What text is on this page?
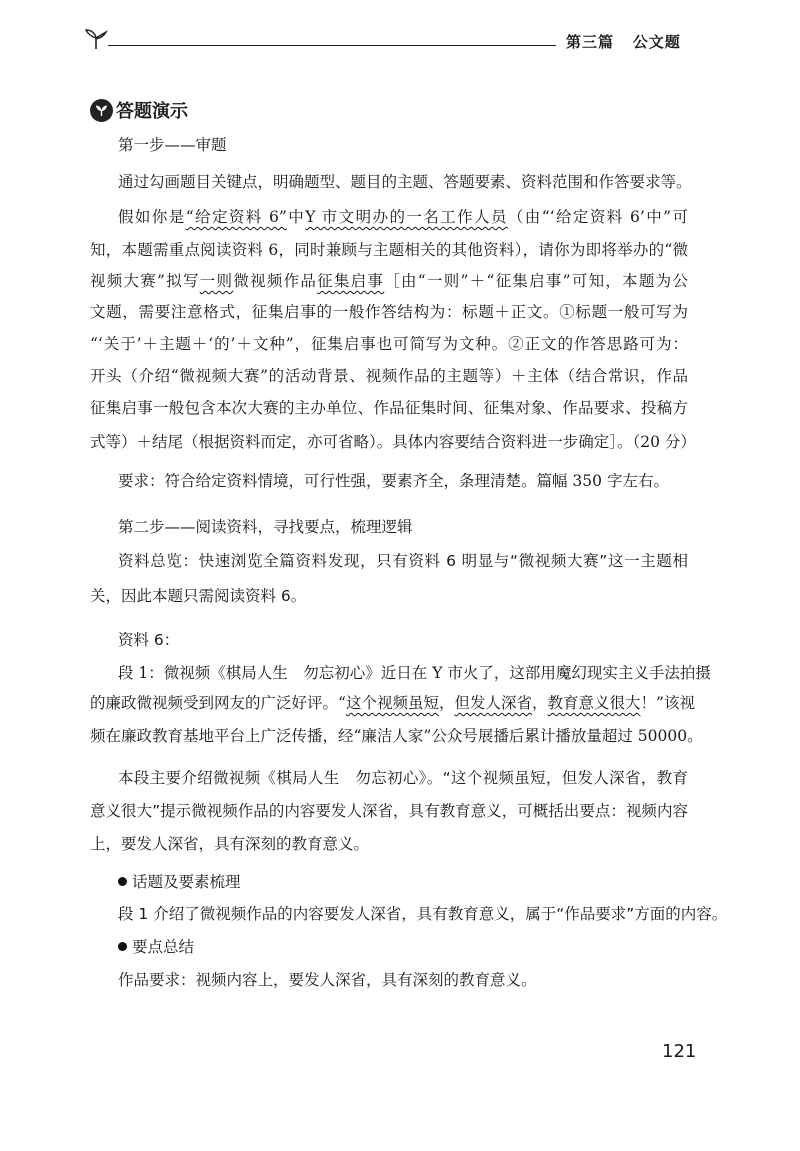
第三篇 公文题
答题演示
第一步——审题
通过勾画题目关键点，明确题型、题目的主题、答题要素、资料范围和作答要求等。
假如你是“给定资料 6”中Y 市文明办的一名工作人员（由“‘给定资料 6’中”可
知，本题需重点阅读资料 6，同时兼顾与主题相关的其他资料），请你为即将举办的“微
视频大赛”拟写一则微视频作品征集启事［由“一则”＋“征集启事”可知，本题为公
文题，需要注意格式，征集启事的一般作答结构为：标题＋正文。①标题一般可写为
“‘关于’＋主题＋‘的’＋文种”，征集启事也可简写为文种。②正文的作答思路可为：
开头（介绍“微视频大赛”的活动背景、视频作品的主题等）＋主体（结合常识，作品
征集启事一般包含本次大赛的主办单位、作品征集时间、征集对象、作品要求、投稿方
式等）＋结尾（根据资料而定，亦可省略）。具体内容要结合资料进一步确定］。（20 分）
要求：符合给定资料情境，可行性强，要素齐全，条理清楚。篇幅 350 字左右。
第二步——阅读资料，寻找要点，梳理逻辑
资料总览：快速浏览全篇资料发现，只有资料 6 明显与“微视频大赛”这一主题相
关，因此本题只需阅读资料 6。
资料 6：
段 1：微视频《棋局人生　勿忘初心》近日在 Y 市火了，这部用魔幻现实主义手法拍摄
的廉政微视频受到网友的广泛好评。“这个视频虽短，但发人深省，教育意义很大！”该视
频在廉政教育基地平台上广泛传播，经“廉洁人家”公众号展播后累计播放量超过 50000。
本段主要介绍微视频《棋局人生　勿忘初心》。“这个视频虽短，但发人深省，教育
意义很大”提示微视频作品的内容要发人深省，具有教育意义，可概括出要点：视频内容
上，要发人深省，具有深刻的教育意义。
话题及要素梳理
段 1 介绍了微视频作品的内容要发人深省，具有教育意义，属于“作品要求”方面的内容。
要点总结
作品要求：视频内容上，要发人深省，具有深刻的教育意义。
121
